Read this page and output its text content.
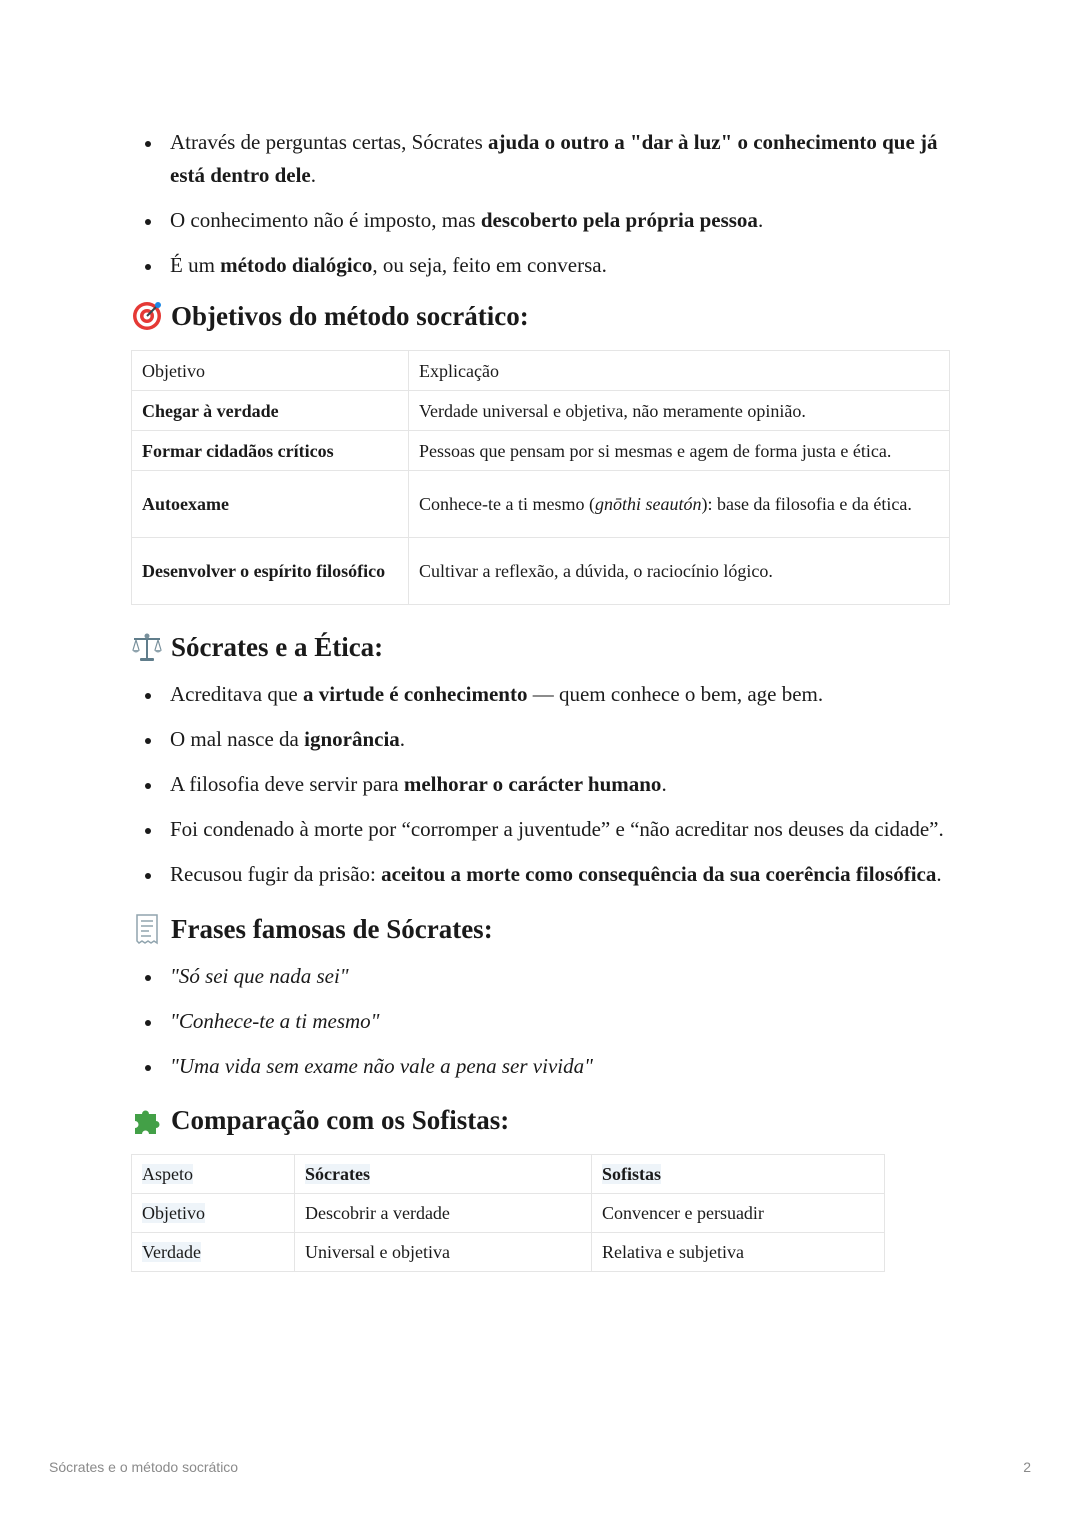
Através de perguntas certas, Sócrates ajuda o outro a "dar à luz" o conhecimento que já está dentro dele.
O conhecimento não é imposto, mas descoberto pela própria pessoa.
É um método dialógico, ou seja, feito em conversa.
Objetivos do método socrático:
Objetivo	Explicação
Chegar à verdade	Verdade universal e objetiva, não meramente opinião.
Formar cidadãos críticos	Pessoas que pensam por si mesmas e agem de forma justa e ética.
Autoexame	Conhece-te a ti mesmo (gnōthi seautón): base da filosofia e da ética.
Desenvolver o espírito filosófico	Cultivar a reflexão, a dúvida, o raciocínio lógico.
Sócrates e a Ética:
Acreditava que a virtude é conhecimento — quem conhece o bem, age bem.
O mal nasce da ignorância.
A filosofia deve servir para melhorar o carácter humano.
Foi condenado à morte por “corromper a juventude” e “não acreditar nos deuses da cidade”.
Recusou fugir da prisão: aceitou a morte como consequência da sua coerência filosófica.
Frases famosas de Sócrates:
"Só sei que nada sei"
"Conhece-te a ti mesmo"
"Uma vida sem exame não vale a pena ser vivida"
Comparação com os Sofistas:
Aspeto	Sócrates	Sofistas
Objetivo	Descobrir a verdade	Convencer e persuadir
Verdade	Universal e objetiva	Relativa e subjetiva
Sócrates e o método socrático	2
